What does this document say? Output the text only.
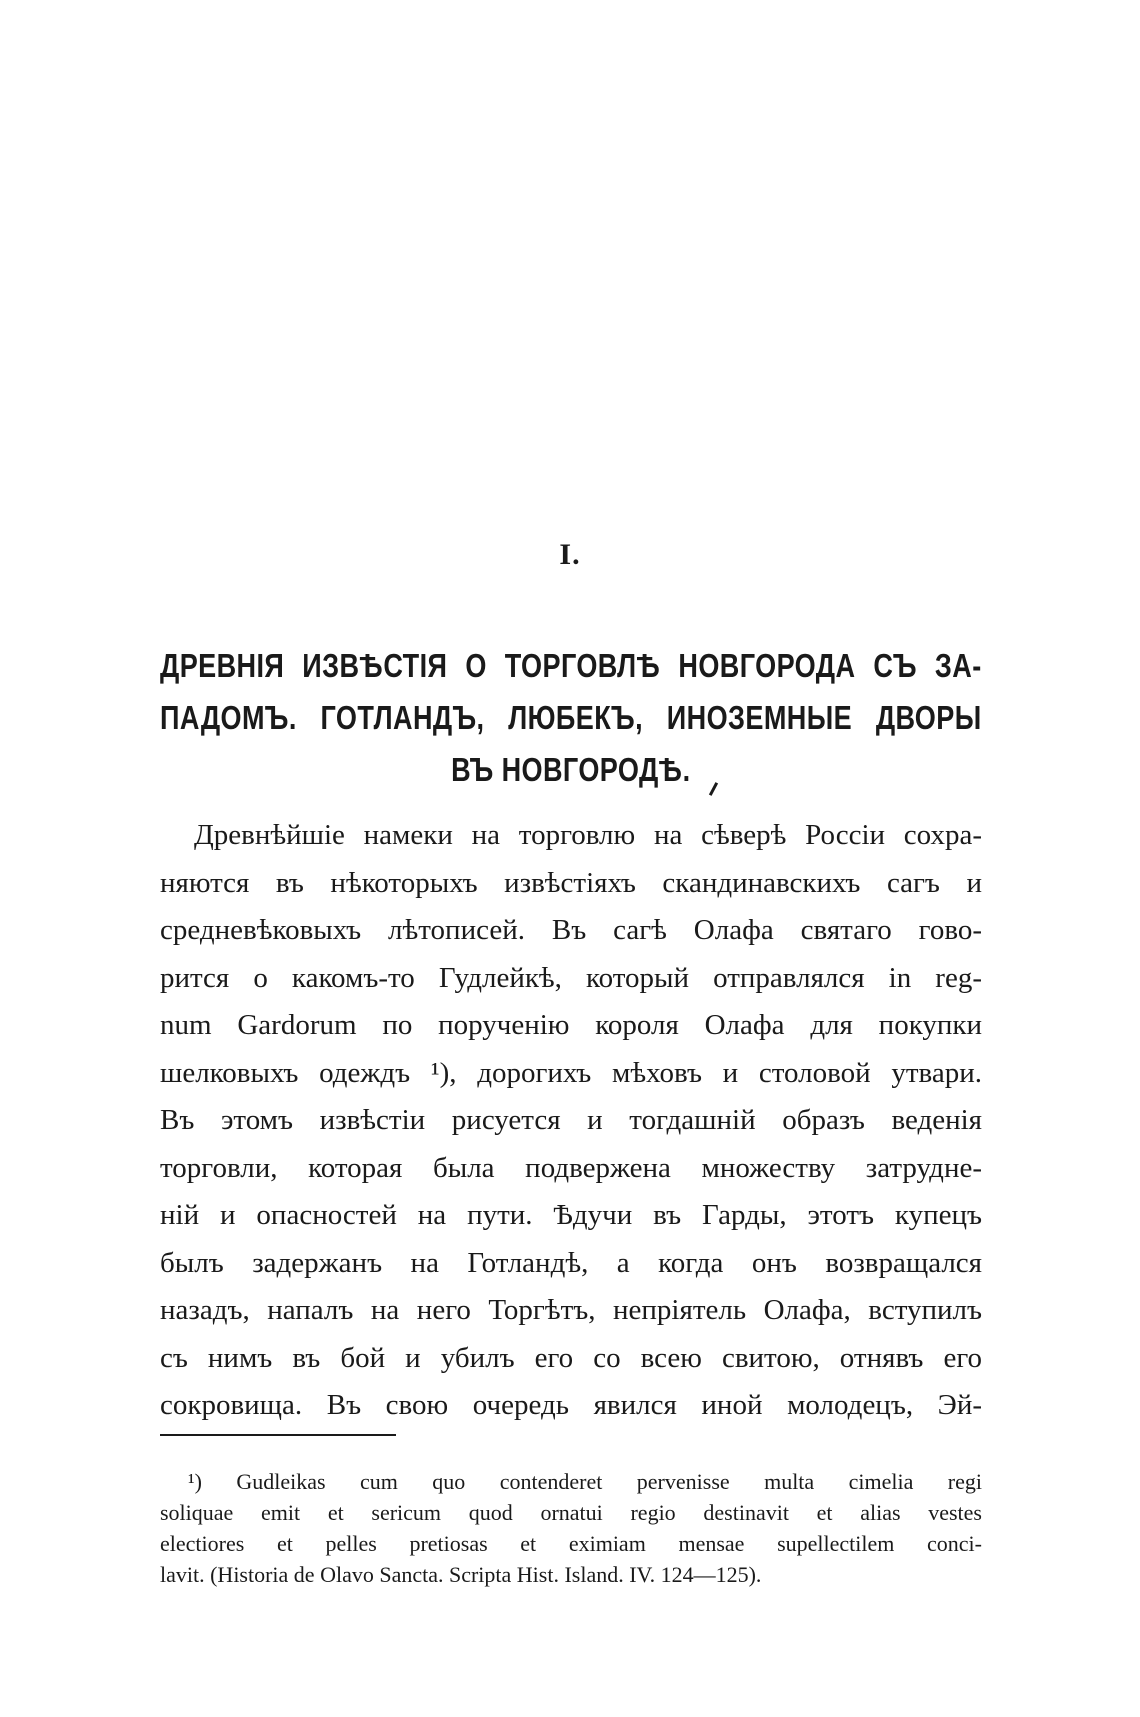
I.
ДРЕВНІЯ ИЗВѢСТІЯ О ТОРГОВЛѢ НОВГОРОДА СЪ ЗА-
ПАДОМЪ. ГОТЛАНДЪ, ЛЮБЕКЪ, ИНОЗЕМНЫЕ ДВОРЫ
ВЪ НОВГОРОДѢ.
Древнѣйшіе намеки на торговлю на сѣверѣ Россіи сохра-
няются въ нѣкоторыхъ извѣстіяхъ скандинавскихъ сагъ и
средневѣковыхъ лѣтописей. Въ сагѣ Олафа святаго гово-
рится о какомъ-то Гудлейкѣ, который отправлялся in reg-
num Gardorum по порученію короля Олафа для покупки
шелковыхъ одеждъ ¹), дорогихъ мѣховъ и столовой утвари.
Въ этомъ извѣстіи рисуется и тогдашній образъ веденія
торговли, которая была подвержена множеству затрудне-
ній и опасностей на пути. Ѣдучи въ Гарды, этотъ купецъ
былъ задержанъ на Готландѣ, а когда онъ возвращался
назадъ, напалъ на него Торгѣтъ, непріятель Олафа, вступилъ
съ нимъ въ бой и убилъ его со всею свитою, отнявъ его
сокровища. Въ свою очередь явился иной молодецъ, Эй-
¹) Gudleikas cum quo contenderet pervenisse multa cimelia regi
soliquae emit et sericum quod ornatui regio destinavit et alias vestes
electiores et pelles pretiosas et eximiam mensae supellectilem conci-
lavit. (Historia de Olavo Sancta. Scripta Hist. Island. IV. 124—125).
